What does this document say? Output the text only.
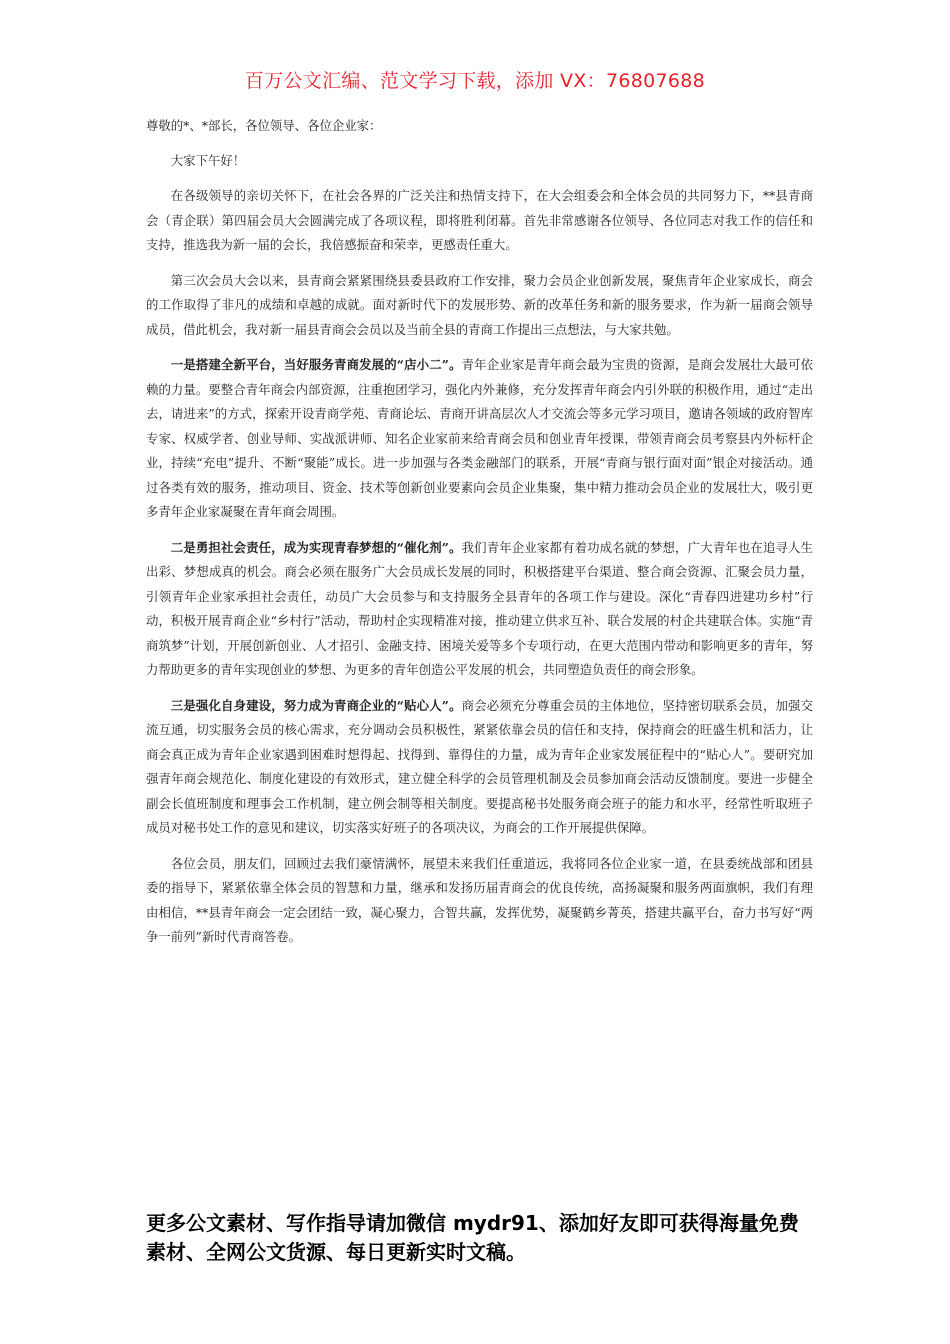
百万公文汇编、范文学习下载，添加 VX：76807688

尊敬的*、*部长，各位领导、各位企业家：

大家下午好！

在各级领导的亲切关怀下，在社会各界的广泛关注和热情支持下，在大会组委会和全体会员的共同努力下，**县青商会（青企联）第四届会员大会圆满完成了各项议程，即将胜利闭幕。首先非常感谢各位领导、各位同志对我工作的信任和支持，推选我为新一届的会长，我倍感振奋和荣幸，更感责任重大。

第三次会员大会以来，县青商会紧紧围绕县委县政府工作安排，聚力会员企业创新发展，聚焦青年企业家成长，商会的工作取得了非凡的成绩和卓越的成就。面对新时代下的发展形势、新的改革任务和新的服务要求，作为新一届商会领导成员，借此机会，我对新一届县青商会会员以及当前全县的青商工作提出三点想法，与大家共勉。

一是搭建全新平台，当好服务青商发展的“店小二”。青年企业家是青年商会最为宝贵的资源，是商会发展壮大最可依赖的力量。要整合青年商会内部资源，注重抱团学习，强化内外兼修，充分发挥青年商会内引外联的积极作用，通过“走出去，请进来”的方式，探索开设青商学苑、青商论坛、青商开讲高层次人才交流会等多元学习项目，邀请各领域的政府智库专家、权威学者、创业导师、实战派讲师、知名企业家前来给青商会员和创业青年授课，带领青商会员考察县内外标杆企业，持续“充电”提升、不断“聚能”成长。进一步加强与各类金融部门的联系，开展“青商与银行面对面”银企对接活动。通过各类有效的服务，推动项目、资金、技术等创新创业要素向会员企业集聚，集中精力推动会员企业的发展壮大，吸引更多青年企业家凝聚在青年商会周围。

二是勇担社会责任，成为实现青春梦想的“催化剂”。我们青年企业家都有着功成名就的梦想，广大青年也在追寻人生出彩、梦想成真的机会。商会必须在服务广大会员成长发展的同时，积极搭建平台渠道、整合商会资源、汇聚会员力量，引领青年企业家承担社会责任，动员广大会员参与和支持服务全县青年的各项工作与建设。深化“青春四进建功乡村”行动，积极开展青商企业“乡村行”活动，帮助村企实现精准对接，推动建立供求互补、联合发展的村企共建联合体。实施“青商筑梦”计划，开展创新创业、人才招引、金融支持、困境关爱等多个专项行动，在更大范围内带动和影响更多的青年，努力帮助更多的青年实现创业的梦想、为更多的青年创造公平发展的机会，共同塑造负责任的商会形象。

三是强化自身建设，努力成为青商企业的“贴心人”。商会必须充分尊重会员的主体地位，坚持密切联系会员，加强交流互通，切实服务会员的核心需求，充分调动会员积极性，紧紧依靠会员的信任和支持，保持商会的旺盛生机和活力，让商会真正成为青年企业家遇到困难时想得起、找得到、靠得住的力量，成为青年企业家发展征程中的“贴心人”。要研究加强青年商会规范化、制度化建设的有效形式，建立健全科学的会员管理机制及会员参加商会活动反馈制度。要进一步健全副会长值班制度和理事会工作机制，建立例会制等相关制度。要提高秘书处服务商会班子的能力和水平，经常性听取班子成员对秘书处工作的意见和建议，切实落实好班子的各项决议，为商会的工作开展提供保障。

各位会员，朋友们，回顾过去我们豪情满怀，展望未来我们任重道远，我将同各位企业家一道，在县委统战部和团县委的指导下，紧紧依靠全体会员的智慧和力量，继承和发扬历届青商会的优良传统，高扬凝聚和服务两面旗帜，我们有理由相信，**县青年商会一定会团结一致，凝心聚力，合智共赢，发挥优势，凝聚鹤乡菁英，搭建共赢平台，奋力书写好“两争一前列”新时代青商答卷。

更多公文素材、写作指导请加微信 mydr91、添加好友即可获得海量免费素材、全网公文货源、每日更新实时文稿。
